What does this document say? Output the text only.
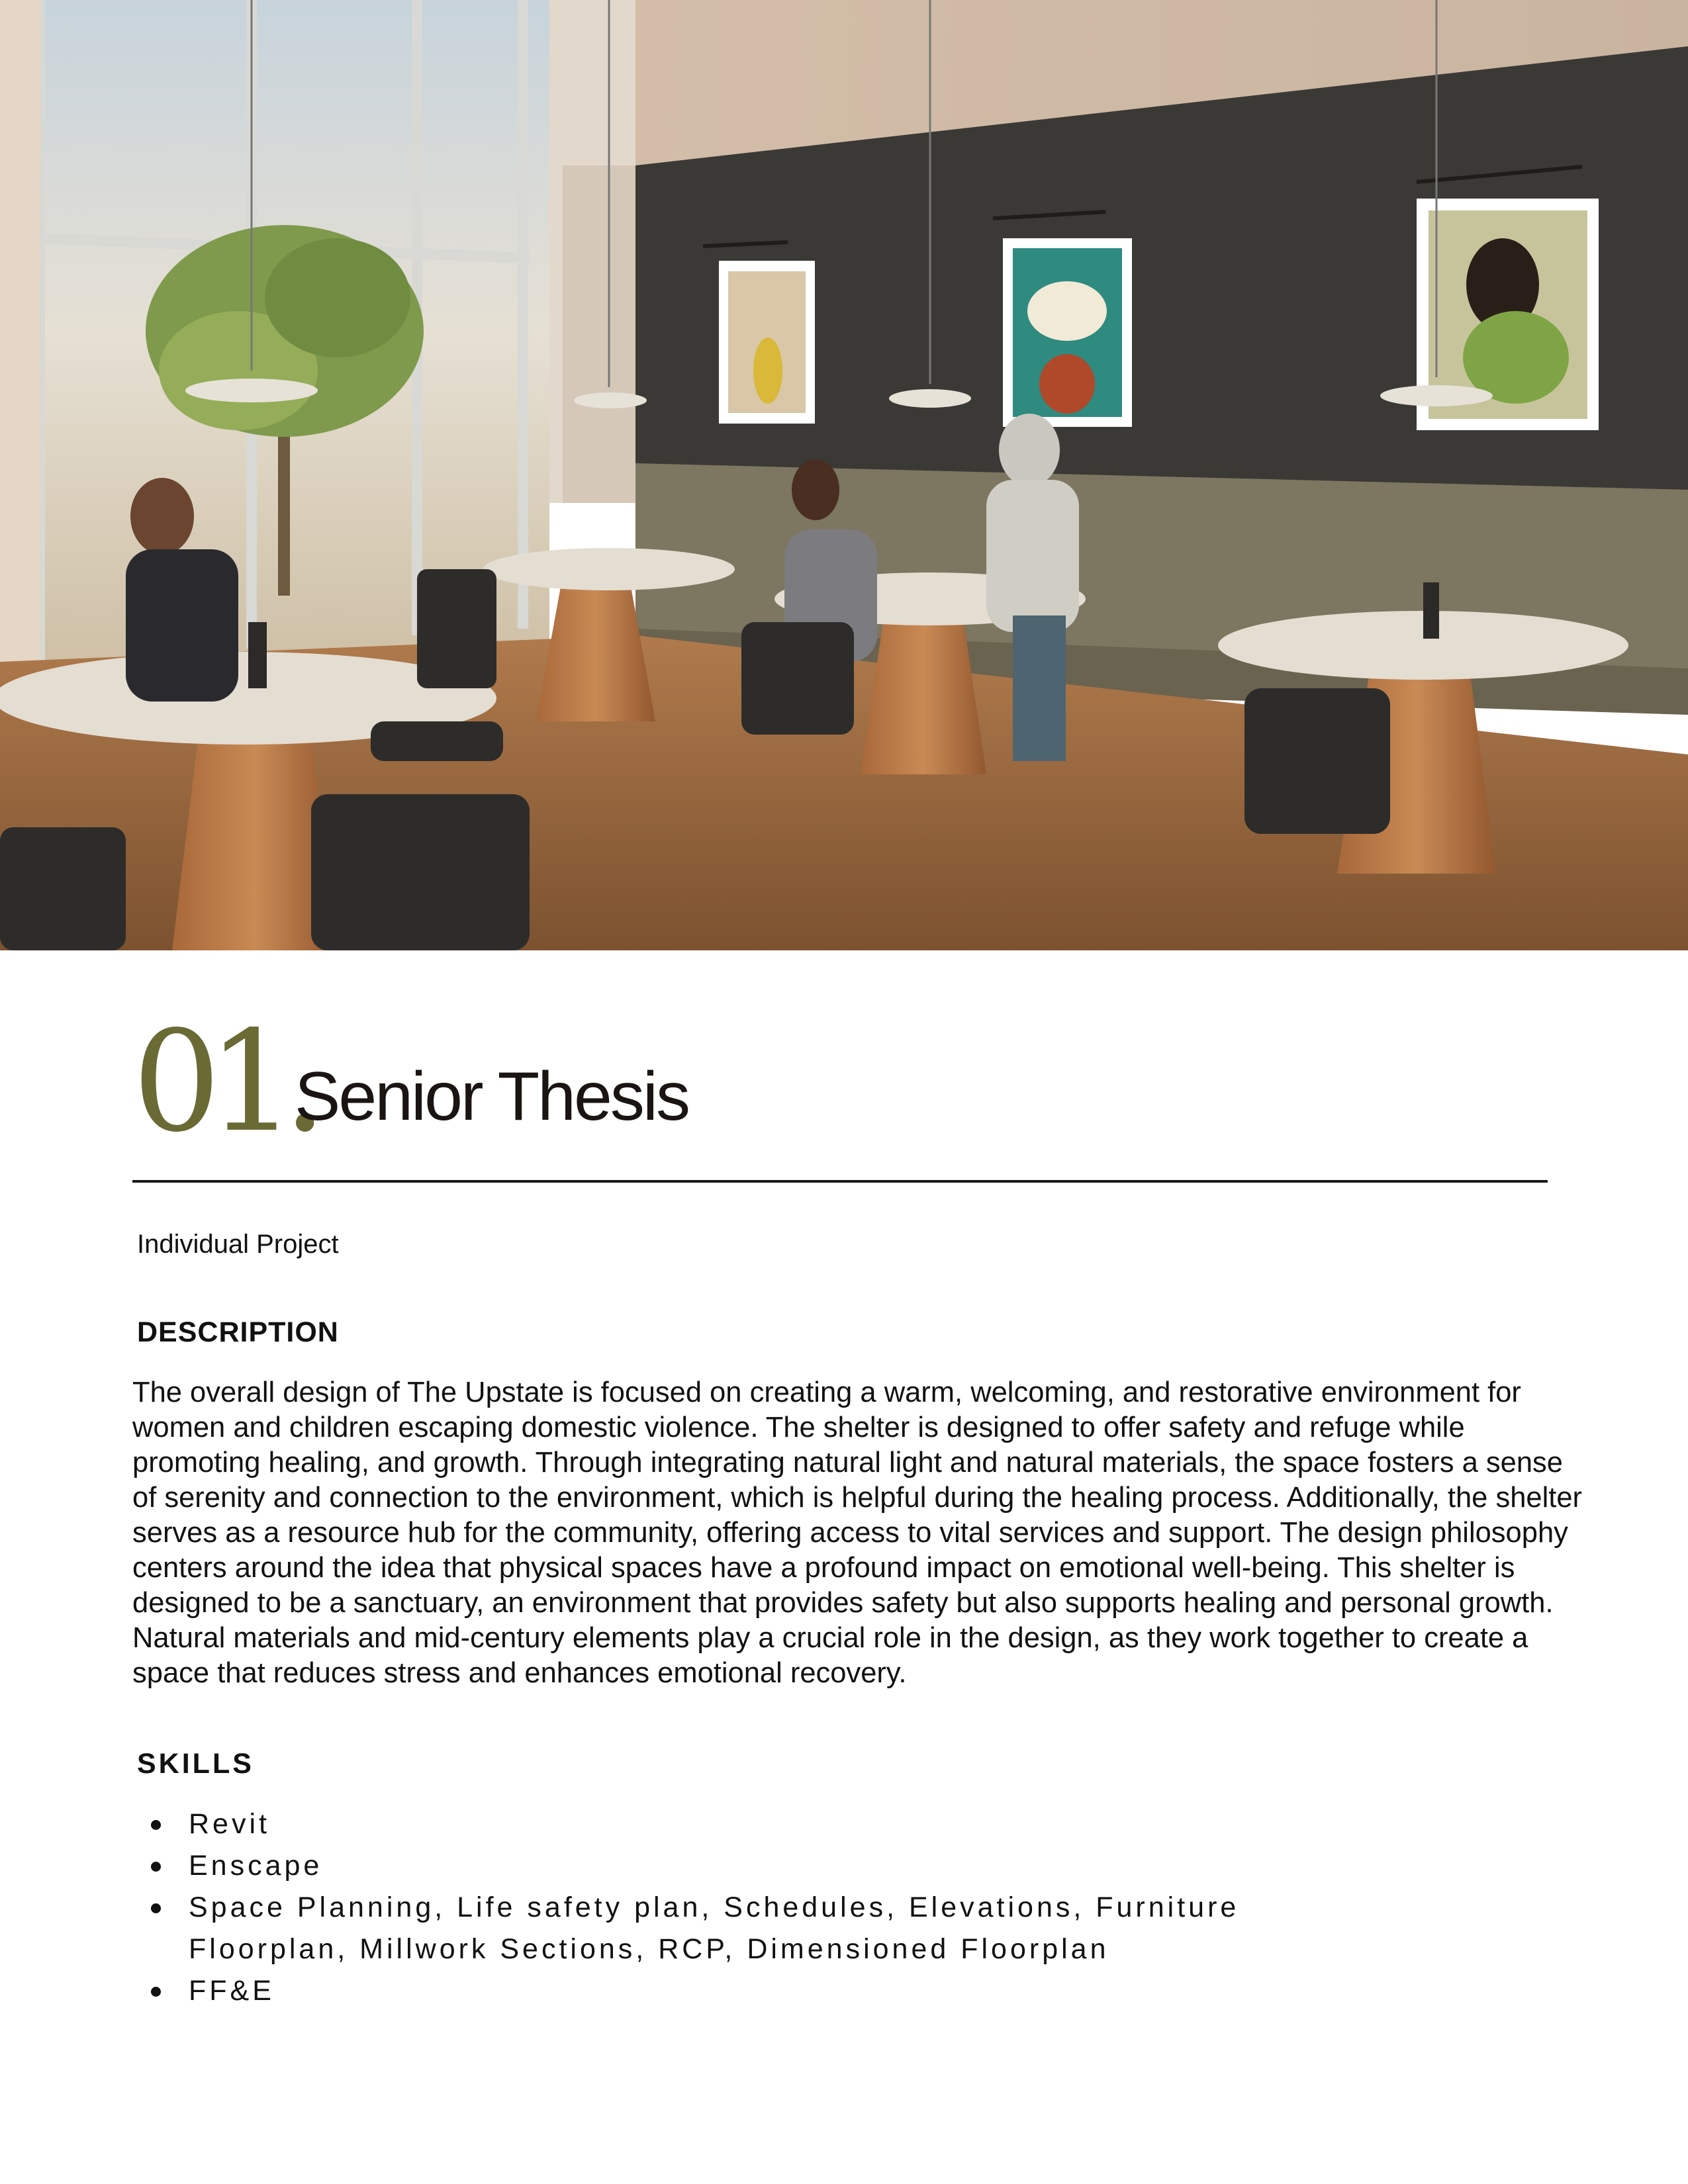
01.
Senior Thesis
Individual Project
DESCRIPTION
The overall design of The Upstate is focused on creating a warm, welcoming, and restorative environment for women and children escaping domestic violence. The shelter is designed to offer safety and refuge while promoting healing, and growth. Through integrating natural light and natural materials, the space fosters a sense of serenity and connection to the environment, which is helpful during the healing process. Additionally, the shelter serves as a resource hub for the community, offering access to vital services and support. The design philosophy centers around the idea that physical spaces have a profound impact on emotional well-being. This shelter is designed to be a sanctuary, an environment that provides safety but also supports healing and personal growth. Natural materials and mid-century elements play a crucial role in the design, as they work together to create a space that reduces stress and enhances emotional recovery.
SKILLS
Revit
Enscape
Space Planning, Life safety plan, Schedules, Elevations, Furniture Floorplan, Millwork Sections, RCP, Dimensioned Floorplan
FF&E
